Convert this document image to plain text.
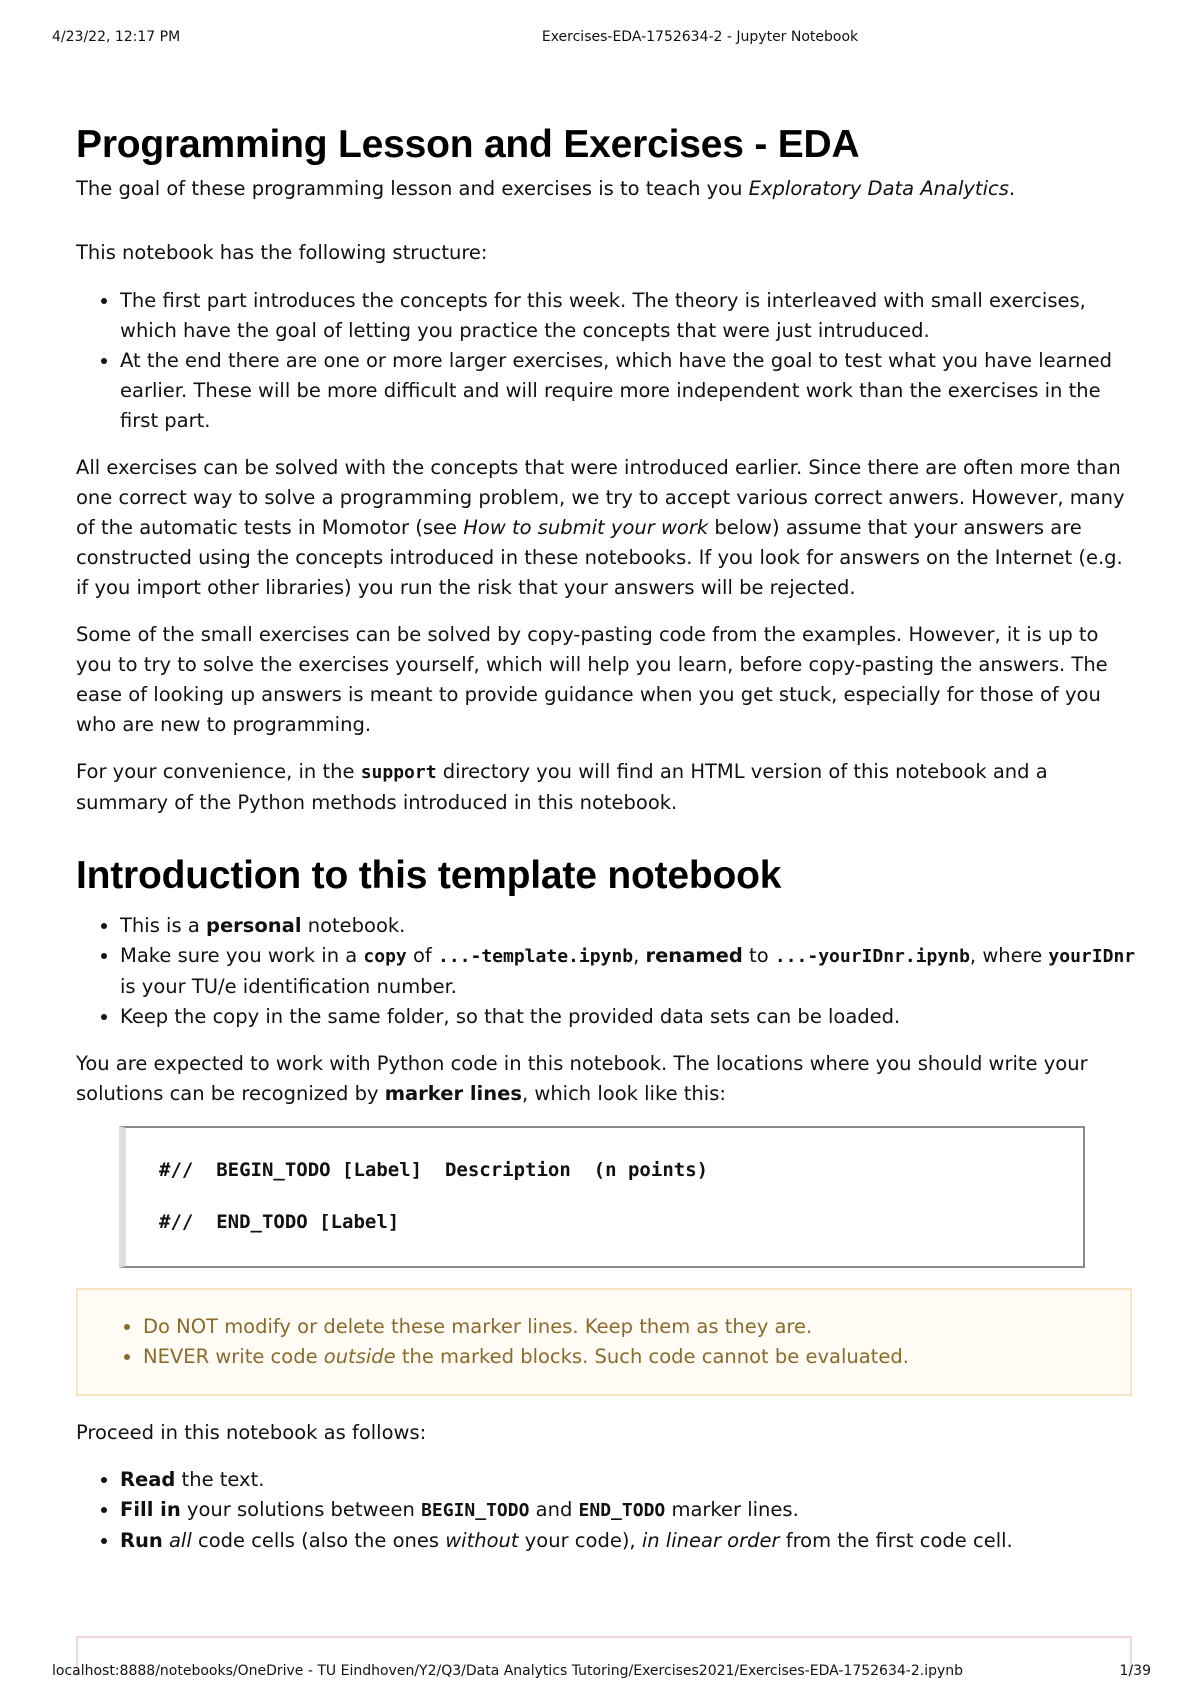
4/23/22, 12:17 PM	Exercises-EDA-1752634-2 - Jupyter Notebook
Programming Lesson and Exercises - EDA

The goal of these programming lesson and exercises is to teach you Exploratory Data Analytics.

This notebook has the following structure:

• The first part introduces the concepts for this week. The theory is interleaved with small exercises, which have the goal of letting you practice the concepts that were just intruduced.
• At the end there are one or more larger exercises, which have the goal to test what you have learned earlier. These will be more difficult and will require more independent work than the exercises in the first part.

All exercises can be solved with the concepts that were introduced earlier. Since there are often more than one correct way to solve a programming problem, we try to accept various correct anwers. However, many of the automatic tests in Momotor (see How to submit your work below) assume that your answers are constructed using the concepts introduced in these notebooks. If you look for answers on the Internet (e.g. if you import other libraries) you run the risk that your answers will be rejected.

Some of the small exercises can be solved by copy-pasting code from the examples. However, it is up to you to try to solve the exercises yourself, which will help you learn, before copy-pasting the answers. The ease of looking up answers is meant to provide guidance when you get stuck, especially for those of you who are new to programming.

For your convenience, in the support directory you will find an HTML version of this notebook and a summary of the Python methods introduced in this notebook.

Introduction to this template notebook
• This is a personal notebook.
• Make sure you work in a copy of ...-template.ipynb, renamed to ...-yourIDnr.ipynb, where yourIDnr is your TU/e identification number.
• Keep the copy in the same folder, so that the provided data sets can be loaded.

You are expected to work with Python code in this notebook. The locations where you should write your solutions can be recognized by marker lines, which look like this:

#//  BEGIN_TODO [Label]  Description  (n points)
#//  END_TODO [Label]
• Do NOT modify or delete these marker lines. Keep them as they are.
• NEVER write code outside the marked blocks. Such code cannot be evaluated.

Proceed in this notebook as follows:

• Read the text.
• Fill in your solutions between BEGIN_TODO and END_TODO marker lines.
• Run all code cells (also the ones without your code), in linear order from the first code cell.
localhost:8888/notebooks/OneDrive - TU Eindhoven/Y2/Q3/Data Analytics Tutoring/Exercises2021/Exercises-EDA-1752634-2.ipynb	1/39
